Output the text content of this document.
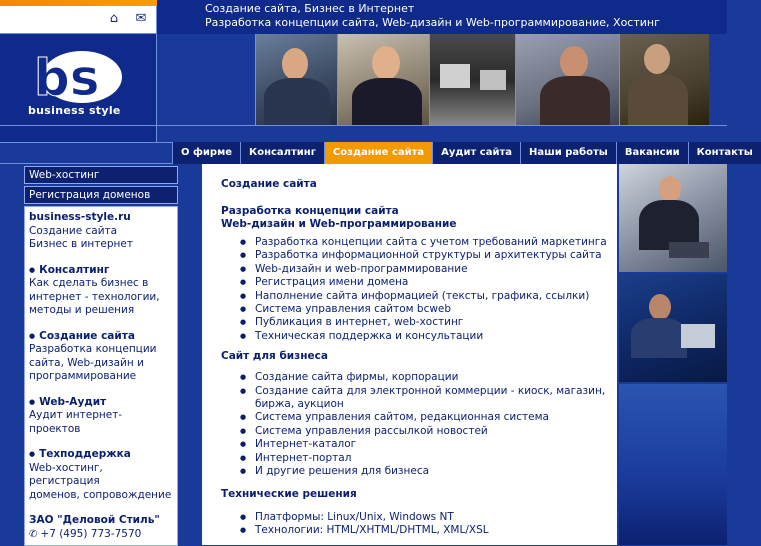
⌂ ✉
bs
business style
Создание сайта, Бизнес в Интернет
Разработка концепции сайта, Web-дизайн и Web-программирование, Хостинг
О фирме	Консалтинг	Создание сайта	Аудит сайта	Наши работы	Вакансии	Контакты
Web-хостинг
Регистрация доменов
business-style.ru
Создание сайта
Бизнес в интернет
● Консалтинг
Как сделать бизнес в
интернет - технологии,
методы и решения
● Создание сайта
Разработка концепции
сайта, Web-дизайн и
программирование
● Web-Аудит
Аудит интернет-проектов
● Техподдержка
Web-хостинг, регистрация
доменов, сопровождение
ЗАО "Деловой Стиль"
✆ +7 (495) 773-7570
Создание сайта
Разработка концепции сайта
Web-дизайн и Web-программирование
● Разработка концепции сайта с учетом требований маркетинга
● Разработка информационной структуры и архитектуры сайта
● Web-дизайн и web-программирование
● Регистрация имени домена
● Наполнение сайта информацией (тексты, графика, ссылки)
● Система управления сайтом bcweb
● Публикация в интернет, web-хостинг
● Техническая поддержка и консультации
Сайт для бизнеса
● Создание сайта фирмы, корпорации
● Создание сайта для электронной коммерции - киоск, магазин,
биржа, аукцион
● Система управления сайтом, редакционная система
● Система управления рассылкой новостей
● Интернет-каталог
● Интернет-портал
● И другие решения для бизнеса
Технические решения
● Платформы: Linux/Unix, Windows NT
● Технологии: HTML/XHTML/DHTML, XML/XSL
